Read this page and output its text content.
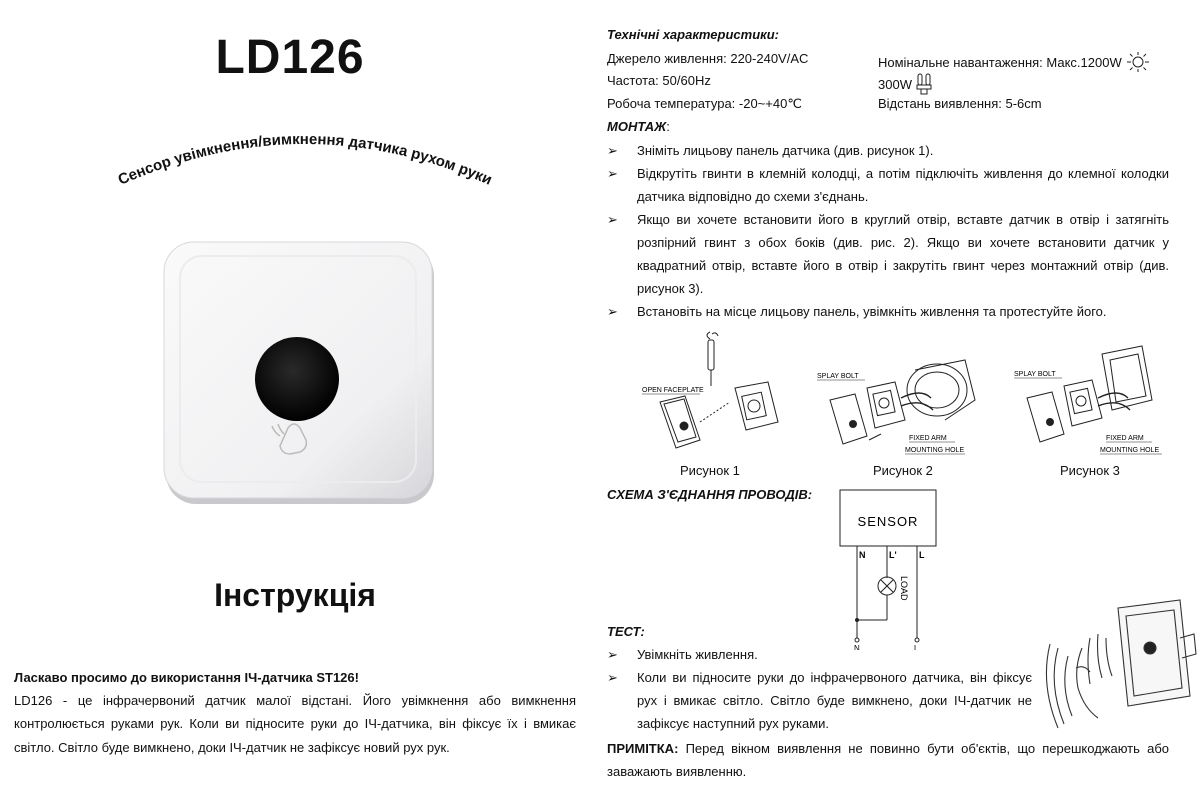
LD126
Сенсор увімкнення/вимкнення датчика рухом руки
Інструкція
Ласкаво просимо до використання ІЧ-датчика ST126!
LD126 - це інфрачервоний датчик малої відстані. Його увімкнення або вимкнення контролюється руками рук. Коли ви підносите руки до ІЧ-датчика, він фіксує їх і вмикає світло. Світло буде вимкнено, доки ІЧ-датчик не зафіксує новий рух рук.
Технічні характеристики:
Джерело живлення: 220-240V/AC
Частота: 50/60Hz
Робоча температура: -20~+40℃
Номінальне навантаження: Макс.1200W
300W
Відстань виявлення: 5-6cm
МОНТАЖ:
➢ Зніміть лицьову панель датчика (див. рисунок 1).
➢ Відкрутіть гвинти в клемній колодці, а потім підключіть живлення до клемної колодки датчика відповідно до схеми з'єднань.
➢ Якщо ви хочете встановити його в круглий отвір, вставте датчик в отвір і затягніть розпірний гвинт з обох боків (див. рис. 2). Якщо ви хочете встановити датчик у квадратний отвір, вставте його в отвір і закрутіть гвинт через монтажний отвір (див. рисунок 3).
➢ Встановіть на місце лицьову панель, увімкніть живлення та протестуйте його.
OPEN FACEPLATE
SPLAY BOLT
FIXED ARM
MOUNTING HOLE
SPLAY BOLT
FIXED ARM
MOUNTING HOLE
Рисунок 1	Рисунок 2	Рисунок 3
СХЕМА З'ЄДНАННЯ ПРОВОДІВ:
SENSOR
N	L' L
LOAD
N	L
ТЕСТ:
➢ Увімкніть живлення.
➢ Коли ви підносите руки до інфрачервоного датчика, він фіксує рух і вмикає світло. Світло буде вимкнено, доки ІЧ-датчик не зафіксує наступний рух руками.
ПРИМІТКА: Перед вікном виявлення не повинно бути об'єктів, що перешкоджають або заважають виявленню.
